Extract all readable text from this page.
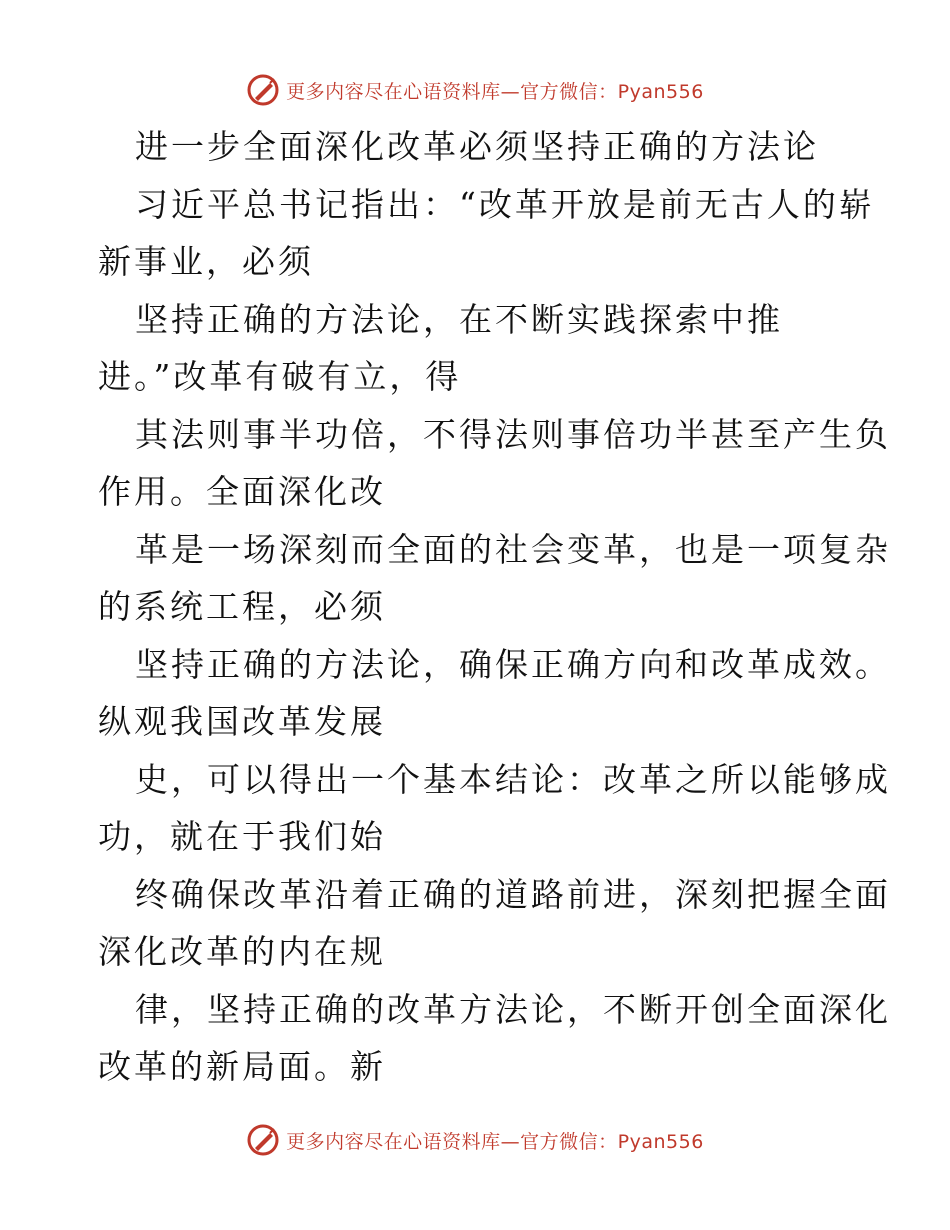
更多内容尽在心语资料库—官方微信：Pyan556
进一步全面深化改革必须坚持正确的方法论
习近平总书记指出：“改革开放是前无古人的崭
新事业，必须
坚持正确的方法论，在不断实践探索中推
进。”改革有破有立，得
其法则事半功倍，不得法则事倍功半甚至产生负
作用。全面深化改
革是一场深刻而全面的社会变革，也是一项复杂
的系统工程，必须
坚持正确的方法论，确保正确方向和改革成效。
纵观我国改革发展
史，可以得出一个基本结论：改革之所以能够成
功，就在于我们始
终确保改革沿着正确的道路前进，深刻把握全面
深化改革的内在规
律，坚持正确的改革方法论，不断开创全面深化
改革的新局面。新
更多内容尽在心语资料库—官方微信：Pyan556
